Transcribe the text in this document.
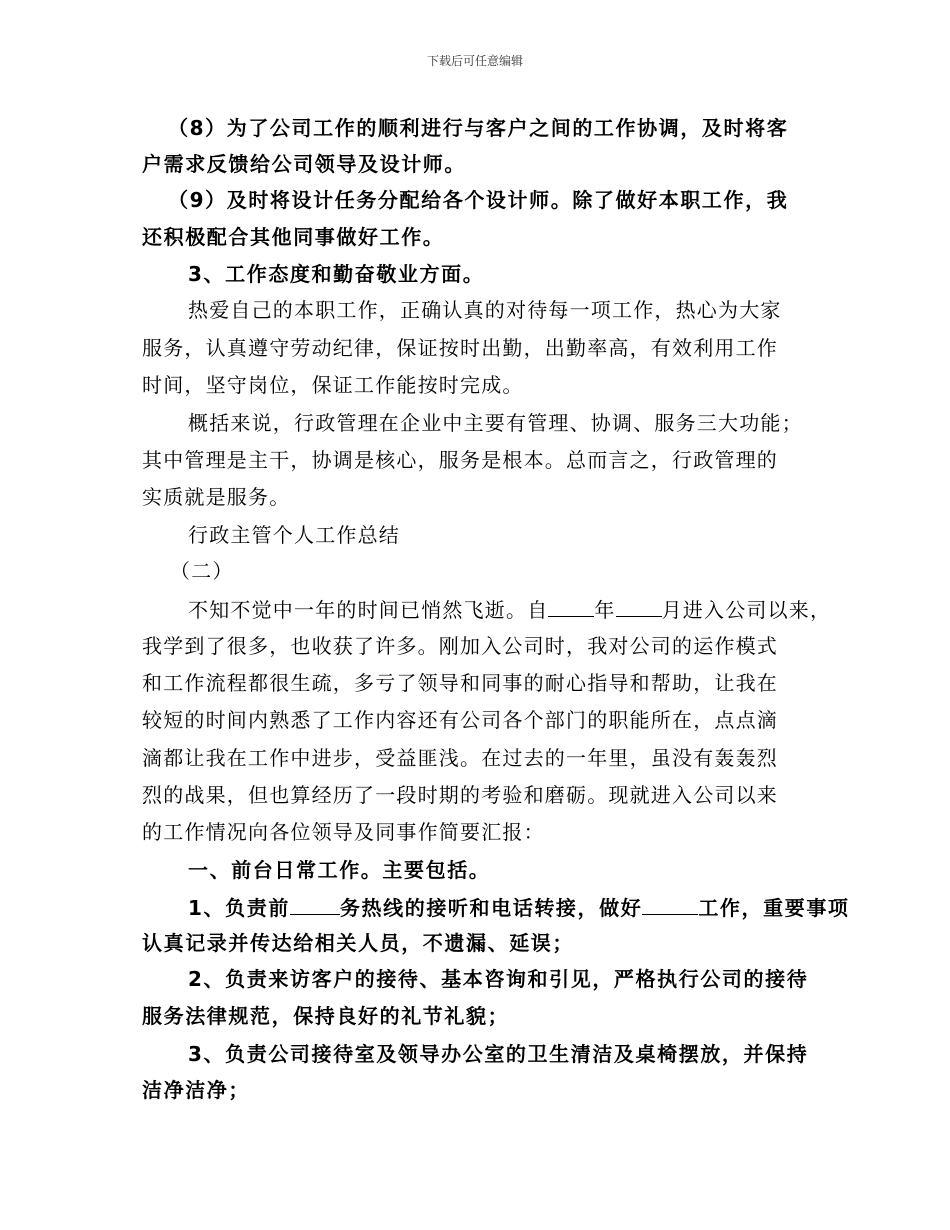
下载后可任意编辑
（8）为了公司工作的顺利进行与客户之间的工作协调，及时将客
户需求反馈给公司领导及设计师。
（9）及时将设计任务分配给各个设计师。除了做好本职工作，我
还积极配合其他同事做好工作。
3、工作态度和勤奋敬业方面。
热爱自己的本职工作，正确认真的对待每一项工作，热心为大家
服务，认真遵守劳动纪律，保证按时出勤，出勤率高，有效利用工作
时间，坚守岗位，保证工作能按时完成。
概括来说，行政管理在企业中主要有管理、协调、服务三大功能；
其中管理是主干，协调是核心，服务是根本。总而言之，行政管理的
实质就是服务。
行政主管个人工作总结
（二）
不知不觉中一年的时间已悄然飞逝。自 年 月进入公司以来，
我学到了很多，也收获了许多。刚加入公司时，我对公司的运作模式
和工作流程都很生疏，多亏了领导和同事的耐心指导和帮助，让我在
较短的时间内熟悉了工作内容还有公司各个部门的职能所在，点点滴
滴都让我在工作中进步，受益匪浅。在过去的一年里，虽没有轰轰烈
烈的战果，但也算经历了一段时期的考验和磨砺。现就进入公司以来
的工作情况向各位领导及同事作简要汇报：
一、前台日常工作。主要包括。
1、负责前	务热线的接听和电话转接，做好	工作，重要事项
认真记录并传达给相关人员，不遗漏、延误；
2、负责来访客户的接待、基本咨询和引见，严格执行公司的接待
服务法律规范，保持良好的礼节礼貌；
3、负责公司接待室及领导办公室的卫生清洁及桌椅摆放，并保持
洁净洁净；
